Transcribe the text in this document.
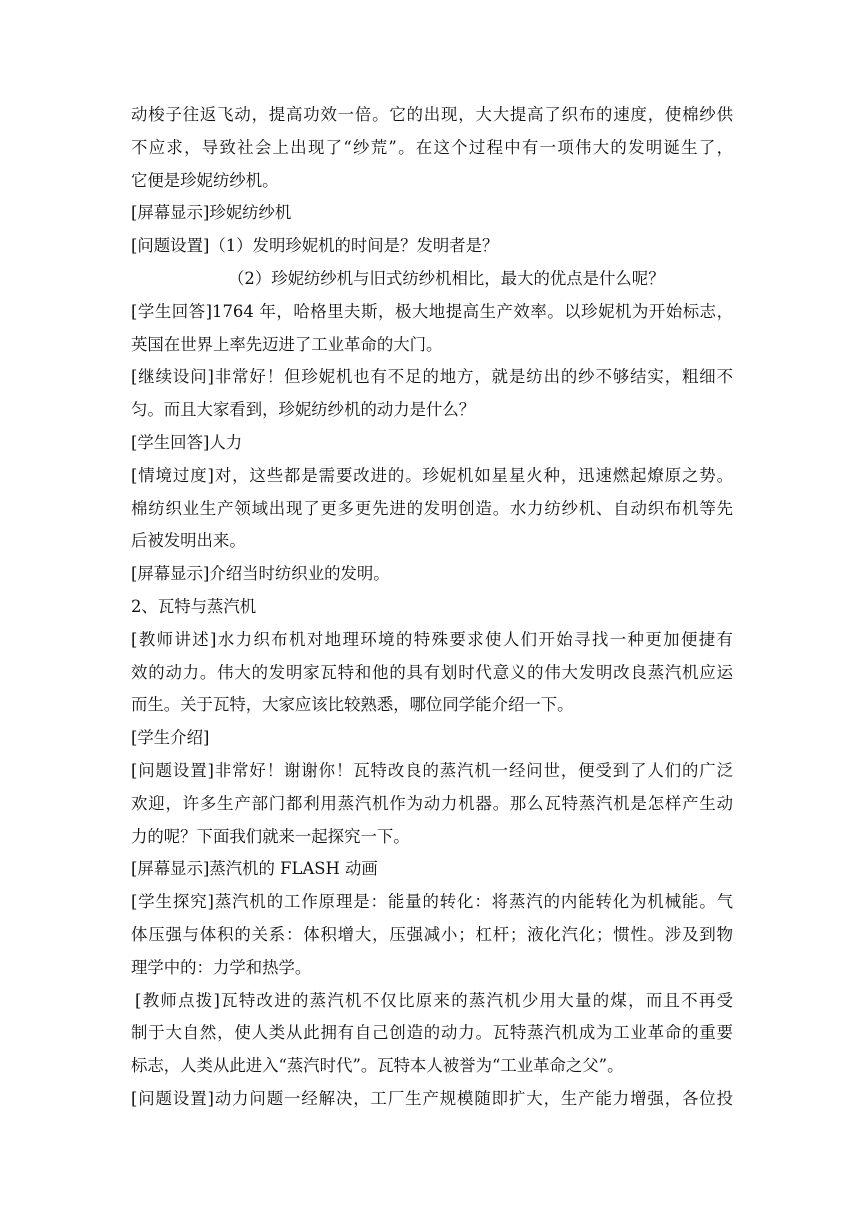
动梭子往返飞动，提高功效一倍。它的出现，大大提高了织布的速度，使棉纱供
不应求，导致社会上出现了“纱荒”。在这个过程中有一项伟大的发明诞生了，
它便是珍妮纺纱机。
[屏幕显示]珍妮纺纱机
[问题设置]（1）发明珍妮机的时间是？发明者是？
（2）珍妮纺纱机与旧式纺纱机相比，最大的优点是什么呢？
[学生回答]1764 年，哈格里夫斯，极大地提高生产效率。以珍妮机为开始标志，
英国在世界上率先迈进了工业革命的大门。
[继续设问]非常好！但珍妮机也有不足的地方，就是纺出的纱不够结实，粗细不
匀。而且大家看到，珍妮纺纱机的动力是什么？
[学生回答]人力
[情境过度]对，这些都是需要改进的。珍妮机如星星火种，迅速燃起燎原之势。
棉纺织业生产领域出现了更多更先进的发明创造。水力纺纱机、自动织布机等先
后被发明出来。
[屏幕显示]介绍当时纺织业的发明。
2、瓦特与蒸汽机
[教师讲述]水力织布机对地理环境的特殊要求使人们开始寻找一种更加便捷有
效的动力。伟大的发明家瓦特和他的具有划时代意义的伟大发明改良蒸汽机应运
而生。关于瓦特，大家应该比较熟悉，哪位同学能介绍一下。
[学生介绍]
[问题设置]非常好！谢谢你！瓦特改良的蒸汽机一经问世，便受到了人们的广泛
欢迎，许多生产部门都利用蒸汽机作为动力机器。那么瓦特蒸汽机是怎样产生动
力的呢？下面我们就来一起探究一下。
[屏幕显示]蒸汽机的 FLASH 动画
[学生探究]蒸汽机的工作原理是：能量的转化：将蒸汽的内能转化为机械能。气
体压强与体积的关系：体积增大，压强减小；杠杆；液化汽化；惯性。涉及到物
理学中的：力学和热学。
[教师点拨]瓦特改进的蒸汽机不仅比原来的蒸汽机少用大量的煤，而且不再受
制于大自然，使人类从此拥有自己创造的动力。瓦特蒸汽机成为工业革命的重要
标志，人类从此进入“蒸汽时代”。瓦特本人被誉为“工业革命之父”。
[问题设置]动力问题一经解决，工厂生产规模随即扩大，生产能力增强，各位投
